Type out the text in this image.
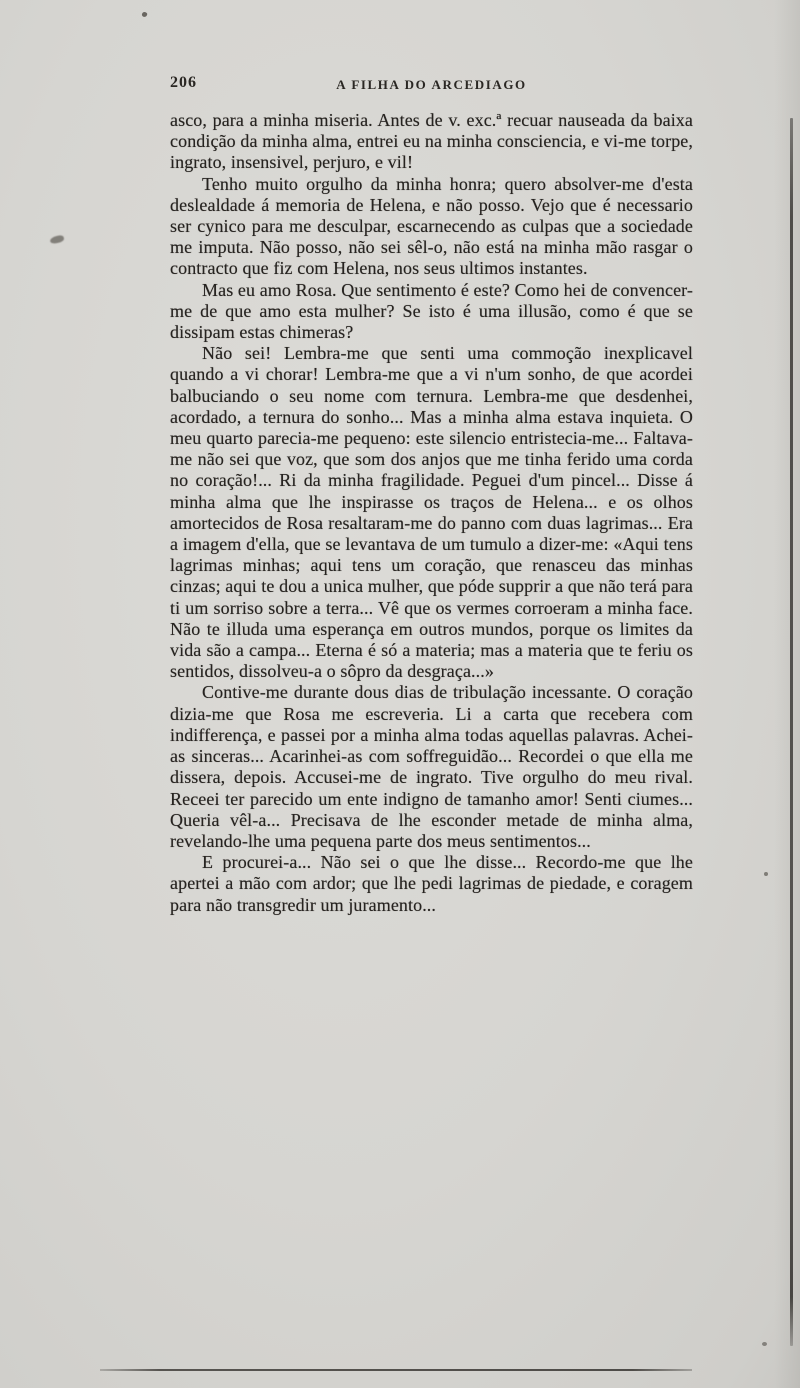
206	A FILHA DO ARCEDIAGO

asco, para a minha miseria. Antes de v. exc.ª recuar nauseada da baixa condição da minha alma, entrei eu na minha consciencia, e vi-me torpe, ingrato, insensivel, perjuro, e vil!

Tenho muito orgulho da minha honra; quero absolver-me d'esta deslealdade á memoria de Helena, e não posso. Vejo que é necessario ser cynico para me desculpar, escarnecendo as culpas que a sociedade me imputa. Não posso, não sei sêl-o, não está na minha mão rasgar o contracto que fiz com Helena, nos seus ultimos instantes.

Mas eu amo Rosa. Que sentimento é este? Como hei de convencer-me de que amo esta mulher? Se isto é uma illusão, como é que se dissipam estas chimeras?

Não sei! Lembra-me que senti uma commoção inexplicavel quando a vi chorar! Lembra-me que a vi n'um sonho, de que acordei balbuciando o seu nome com ternura. Lembra-me que desdenhei, acordado, a ternura do sonho... Mas a minha alma estava inquieta. O meu quarto parecia-me pequeno: este silencio entristecia-me... Faltava-me não sei que voz, que som dos anjos que me tinha ferido uma corda no coração!... Ri da minha fragilidade. Peguei d'um pincel... Disse á minha alma que lhe inspirasse os traços de Helena... e os olhos amortecidos de Rosa resaltaram-me do panno com duas lagrimas... Era a imagem d'ella, que se levantava de um tumulo a dizer-me: «Aqui tens lagrimas minhas; aqui tens um coração, que renasceu das minhas cinzas; aqui te dou a unica mulher, que póde supprir a que não terá para ti um sorriso sobre a terra... Vê que os vermes corroeram a minha face. Não te illuda uma esperança em outros mundos, porque os limites da vida são a campa... Eterna é só a materia; mas a materia que te feriu os sentidos, dissolveu-a o sôpro da desgraça...»

Contive-me durante dous dias de tribulação incessante. O coração dizia-me que Rosa me escreveria. Li a carta que recebera com indifferença, e passei por a minha alma todas aquellas palavras. Achei-as sinceras... Acarinhei-as com soffreguidão... Recordei o que ella me dissera, depois. Accusei-me de ingrato. Tive orgulho do meu rival. Receei ter parecido um ente indigno de tamanho amor! Senti ciumes... Queria vêl-a... Precisava de lhe esconder metade de minha alma, revelando-lhe uma pequena parte dos meus sentimentos...

E procurei-a... Não sei o que lhe disse... Recordo-me que lhe apertei a mão com ardor; que lhe pedi lagrimas de piedade, e coragem para não transgredir um juramento...
